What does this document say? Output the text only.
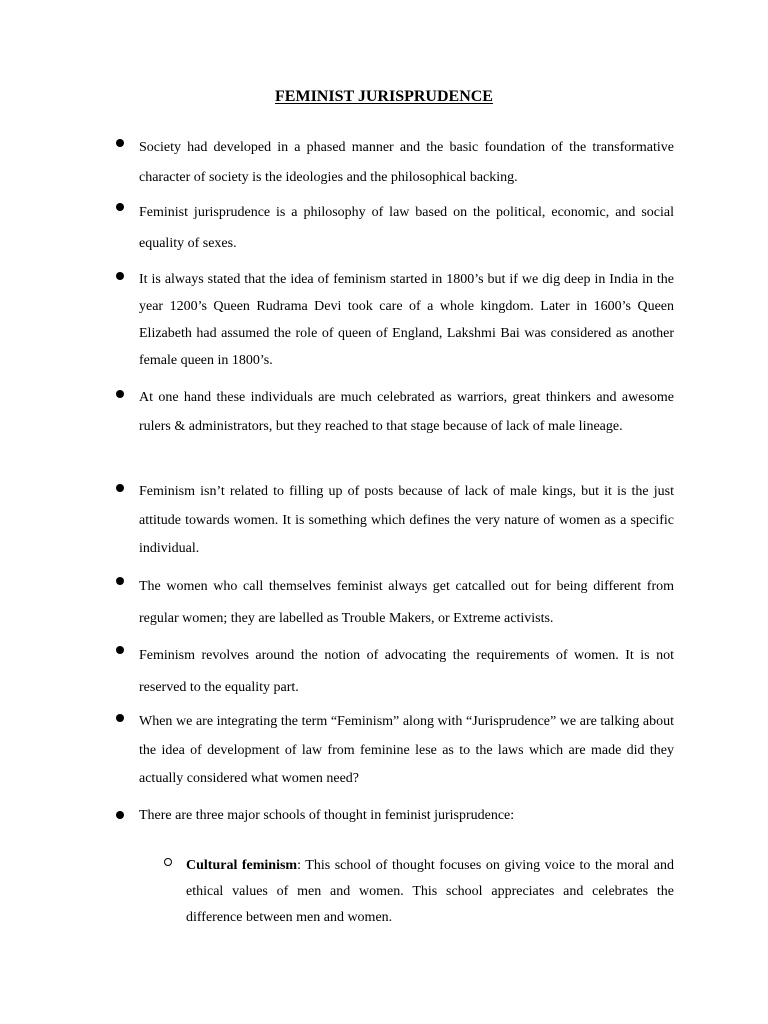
FEMINIST JURISPRUDENCE
Society had developed in a phased manner and the basic foundation of the transformative character of society is the ideologies and the philosophical backing.
Feminist jurisprudence is a philosophy of law based on the political, economic, and social equality of sexes.
It is always stated that the idea of feminism started in 1800’s but if we dig deep in India in the year 1200’s Queen Rudrama Devi took care of a whole kingdom. Later in 1600’s Queen Elizabeth had assumed the role of queen of England, Lakshmi Bai was considered as another female queen in 1800’s.
At one hand these individuals are much celebrated as warriors, great thinkers and awesome rulers & administrators, but they reached to that stage because of lack of male lineage.
Feminism isn’t related to filling up of posts because of lack of male kings, but it is the just attitude towards women. It is something which defines the very nature of women as a specific individual.
The women who call themselves feminist always get catcalled out for being different from regular women; they are labelled as Trouble Makers, or Extreme activists.
Feminism revolves around the notion of advocating the requirements of women. It is not reserved to the equality part.
When we are integrating the term “Feminism” along with “Jurisprudence” we are talking about the idea of development of law from feminine lese as to the laws which are made did they actually considered what women need?
There are three major schools of thought in feminist jurisprudence:
Cultural feminism: This school of thought focuses on giving voice to the moral and ethical values of men and women. This school appreciates and celebrates the difference between men and women.
